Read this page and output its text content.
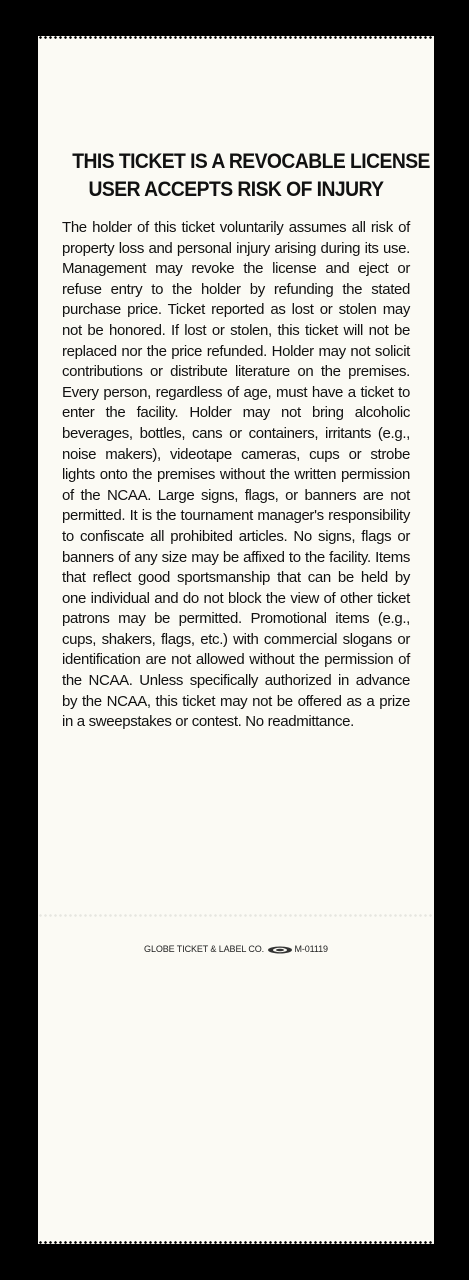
THIS TICKET IS A REVOCABLE LICENSE
USER ACCEPTS RISK OF INJURY
The holder of this ticket voluntarily assumes all risk of property loss and personal injury arising during its use. Management may revoke the license and eject or refuse entry to the holder by refunding the stated purchase price. Ticket reported as lost or stolen may not be honored. If lost or stolen, this ticket will not be replaced nor the price refunded. Holder may not solicit contributions or distribute literature on the premises. Every person, regardless of age, must have a ticket to enter the facility. Holder may not bring alcoholic beverages, bottles, cans or containers, irritants (e.g., noise makers), videotape cameras, cups or strobe lights onto the premises without the written permission of the NCAA. Large signs, flags, or banners are not permitted. It is the tournament manager's responsibility to confiscate all prohibited articles. No signs, flags or banners of any size may be affixed to the facility. Items that reflect good sportsmanship that can be held by one individual and do not block the view of other ticket patrons may be permitted. Promotional items (e.g., cups, shakers, flags, etc.) with commercial slogans or identification are not allowed without the permission of the NCAA. Unless specifically authorized in advance by the NCAA, this ticket may not be offered as a prize in a sweepstakes or contest. No readmittance.
GLOBE TICKET & LABEL CO.	M-01119
